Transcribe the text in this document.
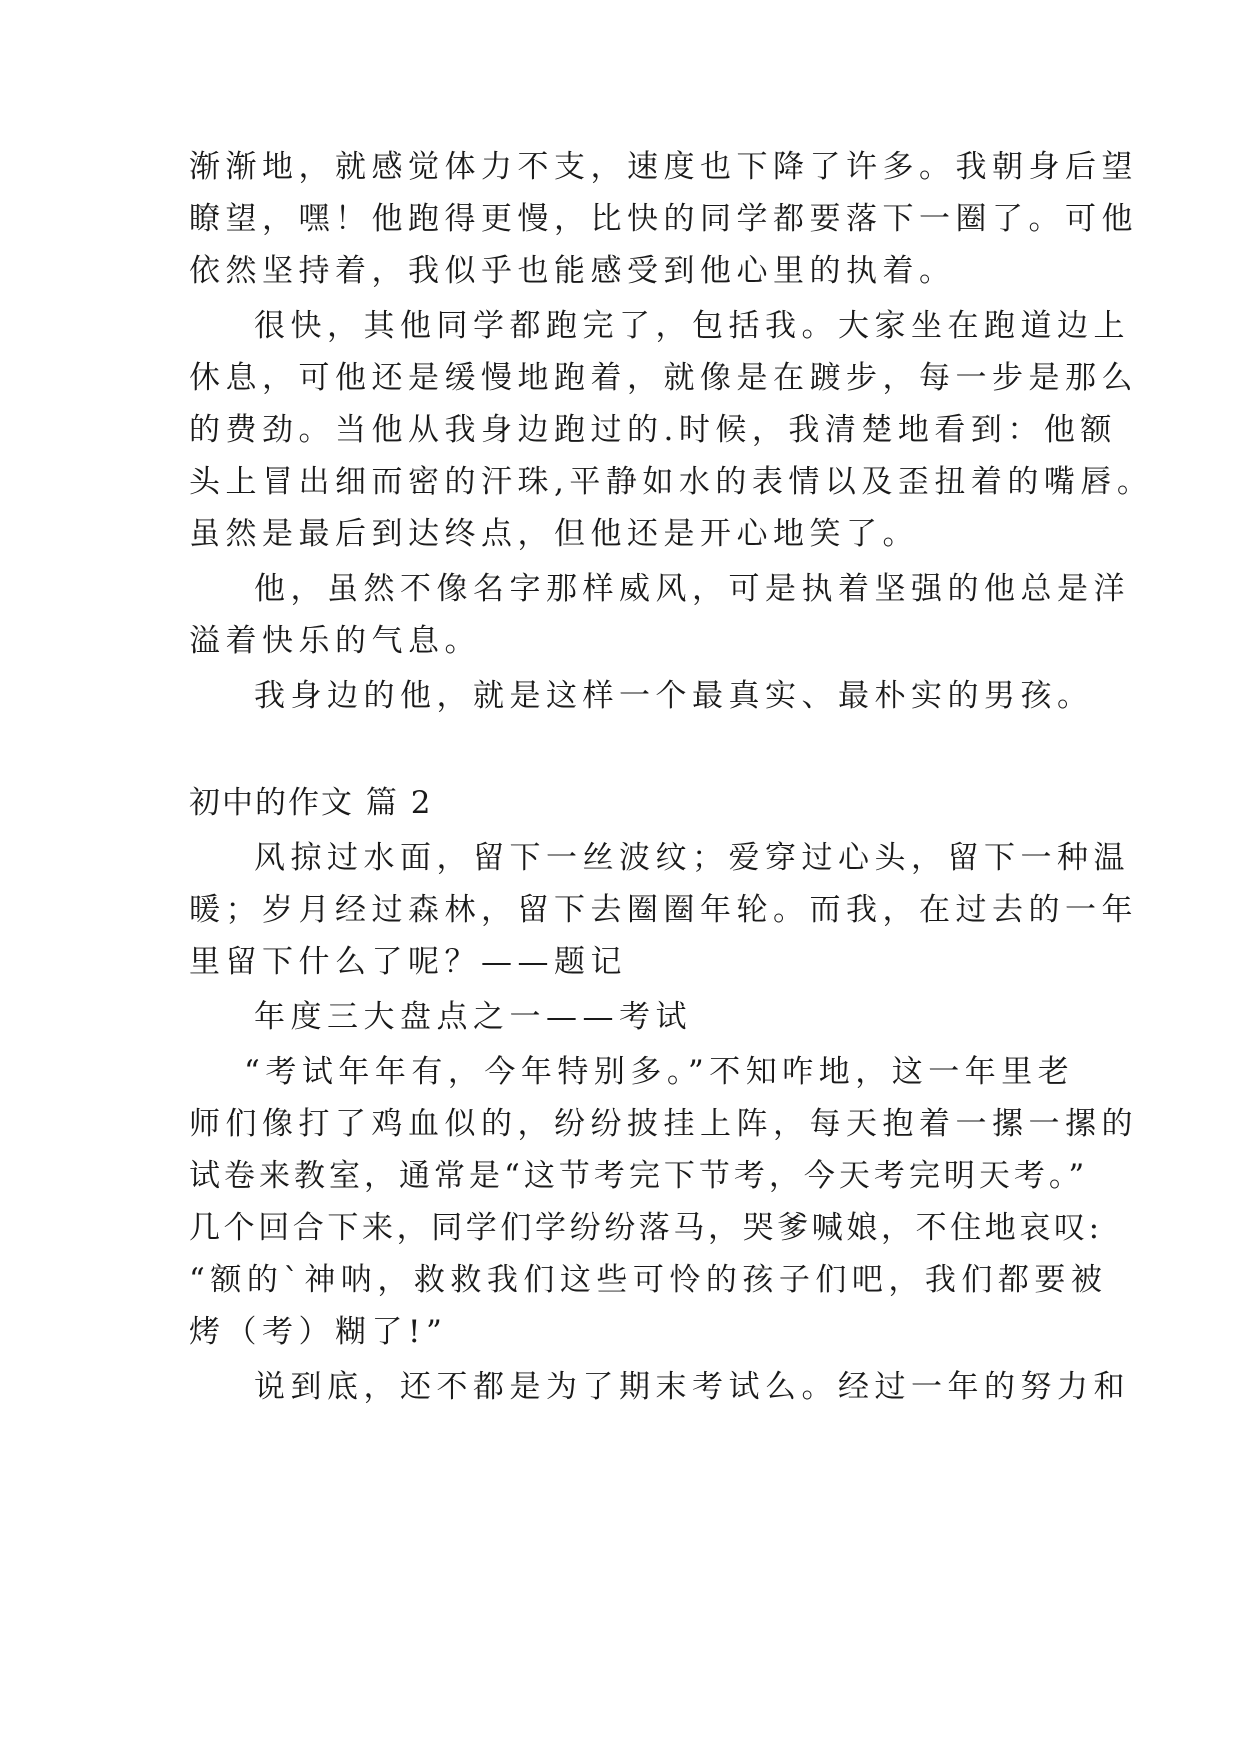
渐渐地，就感觉体力不支，速度也下降了许多。我朝身后望

瞭望，嘿！他跑得更慢，比快的同学都要落下一圈了。可他

依然坚持着，我似乎也能感受到他心里的执着。

很快，其他同学都跑完了，包括我。大家坐在跑道边上

休息，可他还是缓慢地跑着，就像是在踱步，每一步是那么

的费劲。当他从我身边跑过的.时候，我清楚地看到：他额

头上冒出细而密的汗珠,平静如水的表情以及歪扭着的嘴唇。

虽然是最后到达终点，但他还是开心地笑了。

他，虽然不像名字那样威风，可是执着坚强的他总是洋

溢着快乐的气息。

我身边的他，就是这样一个最真实、最朴实的男孩。

初中的作文 篇 2

风掠过水面，留下一丝波纹；爱穿过心头，留下一种温

暖；岁月经过森林，留下去圈圈年轮。而我，在过去的一年

里留下什么了呢？——题记

年度三大盘点之一——考试

“考试年年有，今年特别多。”不知咋地，这一年里老

师们像打了鸡血似的，纷纷披挂上阵，每天抱着一摞一摞的

试卷来教室，通常是“这节考完下节考，今天考完明天考。”

几个回合下来，同学们学纷纷落马，哭爹喊娘，不住地哀叹:

“额的`神呐，救救我们这些可怜的孩子们吧，我们都要被

烤（考）糊了!”

说到底，还不都是为了期末考试么。经过一年的努力和
